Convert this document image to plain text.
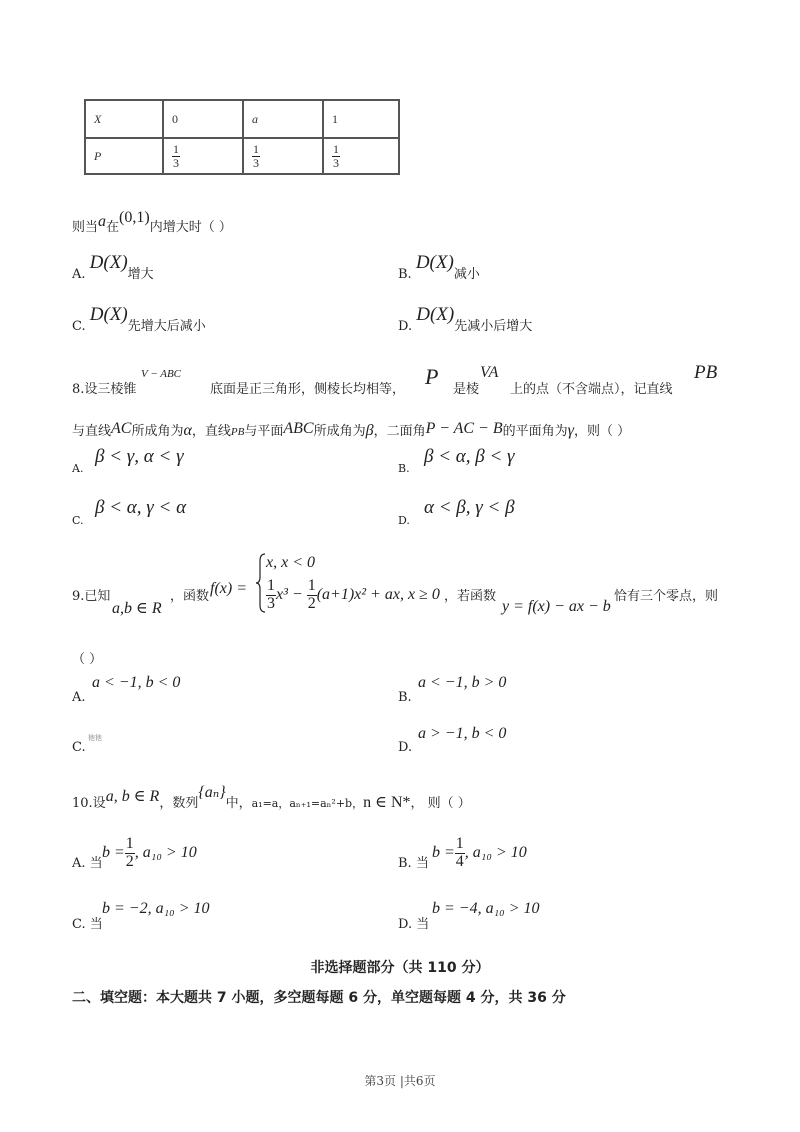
X	0	a	1
P	$\frac{1}{3}$	$\frac{1}{3}$	$\frac{1}{3}$
则当a在(0,1)内增大时（ ）
A. D(X)增大	B. D(X)减小
C. D(X)先增大后减小	D. D(X)先减小后增大
8.设三棱锥
V − ABC
底面是正三角形，侧棱长均相等，
P
是棱
VA
上的点（不含端点），记直线
PB
与直线AC所成角为α，直线PB与平面ABC所成角为β，二面角P − AC − B的平面角为γ，则（ ）
A.
β < γ, α < γ
B.
β < α, β < γ
C.
β < α, γ < α
D.
α < β, γ < β
9.已知
a,b ∈ R
，函数 f(x) =
x, x < 0
$\frac{1}{3} x^3 - \frac{1}{2} (a+1)x^2$ + ax, x ≥ 0 ，若函数
y = f(x) − ax − b
恰有三个零点，则
（ ）
A.
a < −1, b < 0
B.
a < −1, b > 0
C.
彵彵
D.
a > −1, b < 0
10.设a, b ∈ R，数列{aₙ}中，a₁=a，aₙ₊₁=aₙ²+b，n ∈ N*， 则（ ）
A. 当
$b = \frac{1}{2}$ , a₁₀ > 10
B. 当
$b = \frac{1}{4}$ , a₁₀ > 10
C. 当
b = −2, a₁₀ > 10
D. 当
b = −4, a₁₀ > 10
非选择题部分（共 110 分）
二、填空题：本大题共 7 小题，多空题每题 6 分，单空题每题 4 分，共 36 分
第3页 |共6页
